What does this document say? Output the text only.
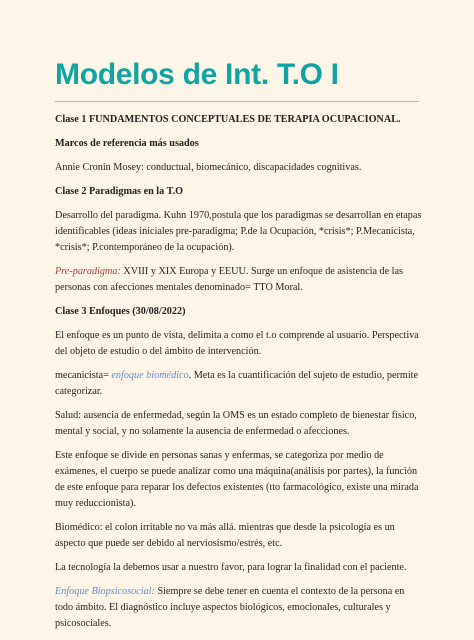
Modelos de Int. T.O I

Clase 1 FUNDAMENTOS CONCEPTUALES DE TERAPIA OCUPACIONAL.

Marcos de referencia más usados

Annie Cronin Mosey: conductual, biomecánico, discapacidades cognitivas.

Clase 2 Paradigmas en la T.O

Desarrollo del paradigma. Kuhn 1970,postula que los paradigmas se desarrollan en etapas identificables (ideas iniciales pre-paradigma; P.de la Ocupación, *crisis*; P.Mecanicista, *crisis*; P.contemporáneo de la ocupación).

Pre-paradigma: XVIII y XIX Europa y EEUU. Surge un enfoque de asistencia de las personas con afecciones mentales denominado= TTO Moral.

Clase 3 Enfoques (30/08/2022)

El enfoque es un punto de vista, delimita a como el t.o comprende al usuario. Perspectiva del objeto de estudio o del ámbito de intervención.

mecanicista= enfoque biomédico. Meta es la cuantificación del sujeto de estudio, permite categorizar.

Salud: ausencia de enfermedad, según la OMS es un estado completo de bienestar físico, mental y social, y no solamente la ausencia de enfermedad o afecciones.

Este enfoque se divide en personas sanas y enfermas, se categoriza por medio de exámenes, el cuerpo se puede analizar como una máquina(análisis por partes), la función de este enfoque para reparar los defectos existentes (tto farmacológico, existe una mirada muy reduccionista).

Biomédico: el colon irritable no va más allá. mientras que desde la psicología es un aspecto que puede ser debido al nerviosismo/estrés, etc.

La tecnología la debemos usar a nuestro favor, para lograr la finalidad con el paciente.

Enfoque Biopsicosocial: Siempre se debe tener en cuenta el contexto de la persona en todo ámbito. El diagnóstico incluye aspectos biológicos, emocionales, culturales y psicosociales.
